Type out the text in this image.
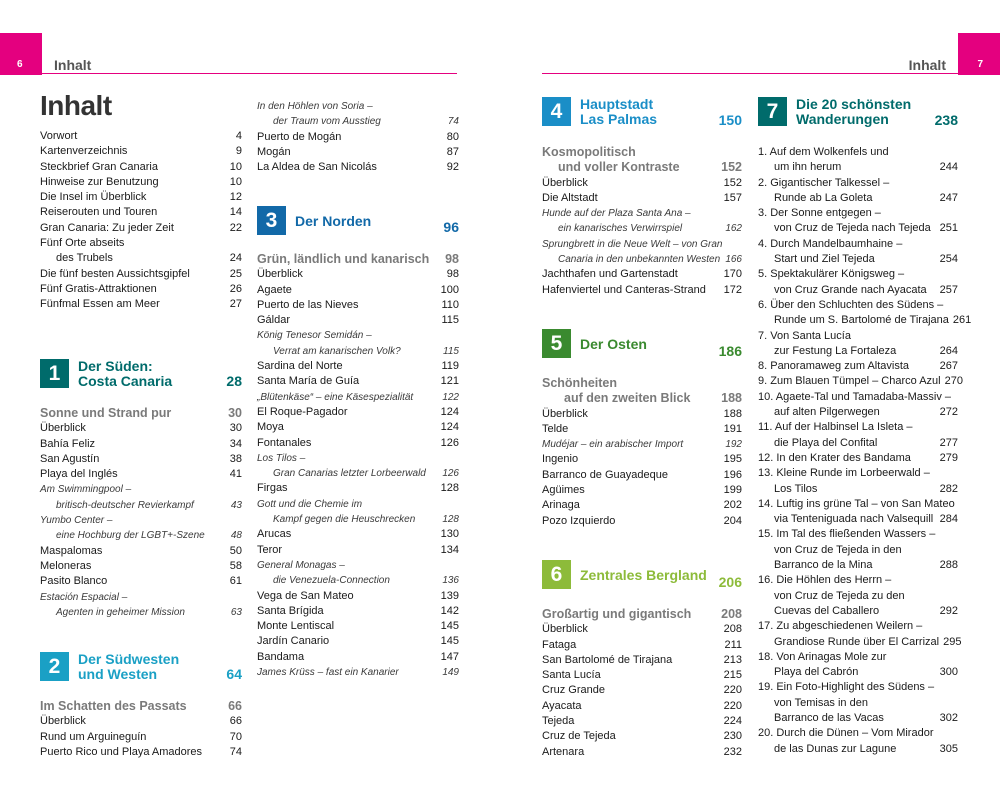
6	7
Inhalt	Inhalt
Inhalt
Vorwort	4
Kartenverzeichnis	9
Steckbrief Gran Canaria	10
Hinweise zur Benutzung	10
Die Insel im Überblick	12
Reiserouten und Touren	14
Gran Canaria: Zu jeder Zeit	22
Fünf Orte abseits
des Trubels	24
Die fünf besten Aussichtsgipfel	25
Fünf Gratis-Attraktionen	26
Fünfmal Essen am Meer	27
1	Der Süden:
Costa Canaria	28
Sonne und Strand pur	30
Überblick	30
Bahía Feliz	34
San Agustín	38
Playa del Inglés	41
Am Swimmingpool –
britisch-deutscher Revierkampf	43
Yumbo Center –
eine Hochburg der LGBT+-Szene	48
Maspalomas	50
Meloneras	58
Pasito Blanco	61
Estación Espacial –
Agenten in geheimer Mission	63
2	Der Südwesten
und Westen	64
Im Schatten des Passats	66
Überblick	66
Rund um Arguineguín	70
Puerto Rico und Playa Amadores	74
In den Höhlen von Soria –
der Traum vom Ausstieg	74
Puerto de Mogán	80
Mogán	87
La Aldea de San Nicolás	92
3	Der Norden	96
Grün, ländlich und kanarisch 98
Überblick	98
Agaete	100
Puerto de las Nieves	110
Gáldar	115
König Tenesor Semidán –
Verrat am kanarischen Volk?	115
Sardina del Norte	119
Santa María de Guía	121
„Blütenkäse“ – eine Käsespezialität	122
El Roque-Pagador	124
Moya	124
Fontanales	126
Los Tilos –
Gran Canarias letzter Lorbeerwald	126
Firgas	128
Gott und die Chemie im
Kampf gegen die Heuschrecken	128
Arucas	130
Teror	134
General Monagas –
die Venezuela-Connection	136
Vega de San Mateo	139
Santa Brígida	142
Monte Lentiscal	145
Jardín Canario	145
Bandama	147
James Krüss – fast ein Kanarier	149
4	Hauptstadt
Las Palmas	150
Kosmopolitisch
und voller Kontraste	152
Überblick	152
Die Altstadt	157
Hunde auf der Plaza Santa Ana –
ein kanarisches Verwirrspiel	162
Sprungbrett in die Neue Welt – von Gran
Canaria in den unbekannten Westen 166
Jachthafen und Gartenstadt	170
Hafenviertel und Canteras-Strand	172
5	Der Osten	186
Schönheiten
auf den zweiten Blick 188
Überblick	188
Telde	191
Mudéjar – ein arabischer Import	192
Ingenio	195
Barranco de Guayadeque	196
Agüimes	199
Arinaga	202
Pozo Izquierdo	204
6	Zentrales Bergland 206
Großartig und gigantisch 208
Überblick	208
Fataga	211
San Bartolomé de Tirajana	213
Santa Lucía	215
Cruz Grande	220
Ayacata	220
Tejeda	224
Cruz de Tejeda	230
Artenara	232
7	Die 20 schönsten
Wanderungen	238
1. Auf dem Wolkenfels und
um ihn herum	244
2. Gigantischer Talkessel –
Runde ab La Goleta	247
3. Der Sonne entgegen –
von Cruz de Tejeda nach Tejeda 251
4. Durch Mandelbaumhaine –
Start und Ziel Tejeda	254
5. Spektakulärer Königsweg –
von Cruz Grande nach Ayacata	257
6. Über den Schluchten des Südens –
Runde um S. Bartolomé de Tirajana 261
7. Von Santa Lucía
zur Festung La Fortaleza	264
8. Panoramaweg zum Altavista	267
9. Zum Blauen Tümpel – Charco Azul 270
10. Agaete-Tal und Tamadaba-Massiv –
auf alten Pilgerwegen	272
11. Auf der Halbinsel La Isleta –
die Playa del Confital	277
12. In den Krater des Bandama	279
13. Kleine Runde im Lorbeerwald –
Los Tilos	282
14. Luftig ins grüne Tal – von San Mateo
via Tenteniguada nach Valsequill 284
15. Im Tal des fließenden Wassers –
von Cruz de Tejeda in den
Barranco de la Mina	288
16. Die Höhlen des Herrn –
von Cruz de Tejeda zu den
Cuevas del Caballero	292
17. Zu abgeschiedenen Weilern –
Grandiose Runde über El Carrizal 295
18. Von Arinagas Mole zur
Playa del Cabrón	300
19. Ein Foto-Highlight des Südens –
von Temisas in den
Barranco de las Vacas	302
20. Durch die Dünen – Vom Mirador
de las Dunas zur Lagune	305
